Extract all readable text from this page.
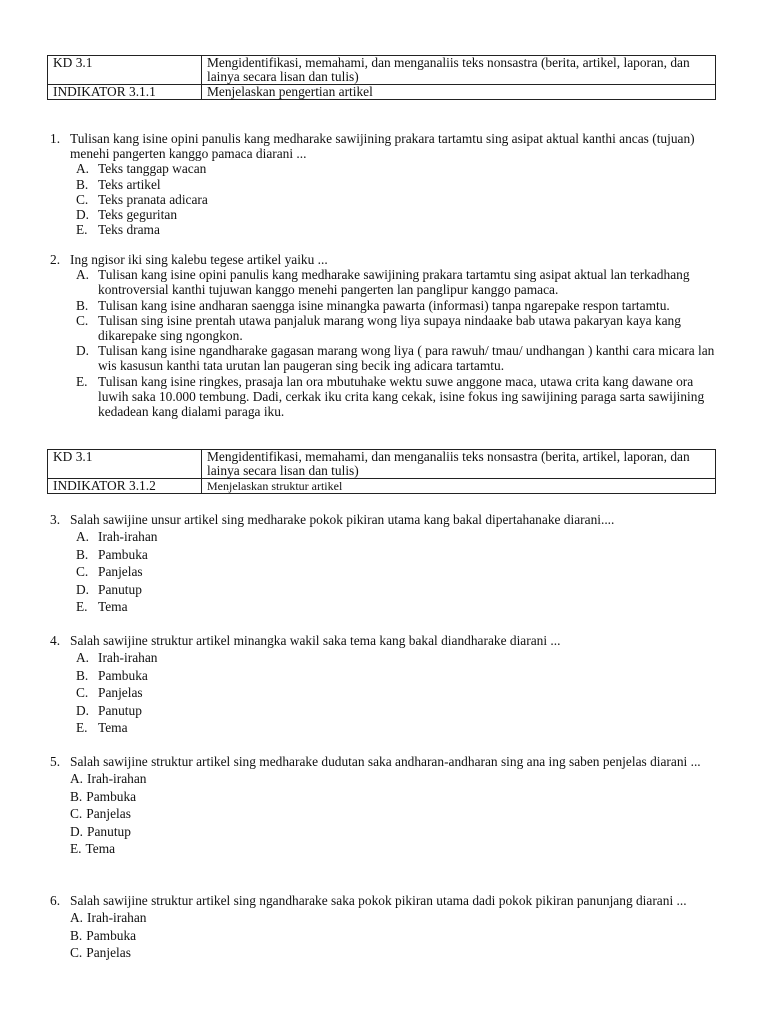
KD 3.1	Mengidentifikasi, memahami, dan menganaliis teks nonsastra (berita, artikel, laporan, dan lainya secara lisan dan tulis)
INDIKATOR 3.1.1	Menjelaskan pengertian artikel
1. Tulisan kang isine opini panulis kang medharake sawijining prakara tartamtu sing asipat aktual kanthi ancas (tujuan) menehi pangerten kanggo pamaca diarani ...
A. Teks tanggap wacan
B. Teks artikel
C. Teks pranata adicara
D. Teks geguritan
E. Teks drama
2. Ing ngisor iki sing kalebu tegese artikel yaiku ...
A. Tulisan kang isine opini panulis kang medharake sawijining prakara tartamtu sing asipat aktual lan terkadhang kontroversial kanthi tujuwan kanggo menehi pangerten lan panglipur kanggo pamaca.
B. Tulisan kang isine andharan saengga isine minangka pawarta (informasi) tanpa ngarepake respon tartamtu.
C. Tulisan sing isine prentah utawa panjaluk marang wong liya supaya nindaake bab utawa pakaryan kaya kang dikarepake sing ngongkon.
D. Tulisan kang isine ngandharake gagasan marang wong liya ( para rawuh/ tmau/ undhangan ) kanthi cara micara lan wis kasusun kanthi tata urutan lan paugeran sing becik ing adicara tartamtu.
E. Tulisan kang isine ringkes, prasaja lan ora mbutuhake wektu suwe anggone maca, utawa crita kang dawane ora luwih saka 10.000 tembung. Dadi, cerkak iku crita kang cekak, isine fokus ing sawijining paraga sarta sawijining kedadean kang dialami paraga iku.
KD 3.1	Mengidentifikasi, memahami, dan menganaliis teks nonsastra (berita, artikel, laporan, dan lainya secara lisan dan tulis)
INDIKATOR 3.1.2	Menjelaskan struktur artikel
3. Salah sawijine unsur artikel sing medharake pokok pikiran utama kang bakal dipertahanake diarani....
A. Irah-irahan
B. Pambuka
C. Panjelas
D. Panutup
E. Tema
4. Salah sawijine struktur artikel minangka wakil saka tema kang bakal diandharake diarani ...
A. Irah-irahan
B. Pambuka
C. Panjelas
D. Panutup
E. Tema
5. Salah sawijine struktur artikel sing medharake dudutan saka andharan-andharan sing ana ing saben penjelas diarani ...
A. Irah-irahan
B. Pambuka
C. Panjelas
D. Panutup
E. Tema
6. Salah sawijine struktur artikel sing ngandharake saka pokok pikiran utama dadi pokok pikiran panunjang diarani ...
A. Irah-irahan
B. Pambuka
C. Panjelas
